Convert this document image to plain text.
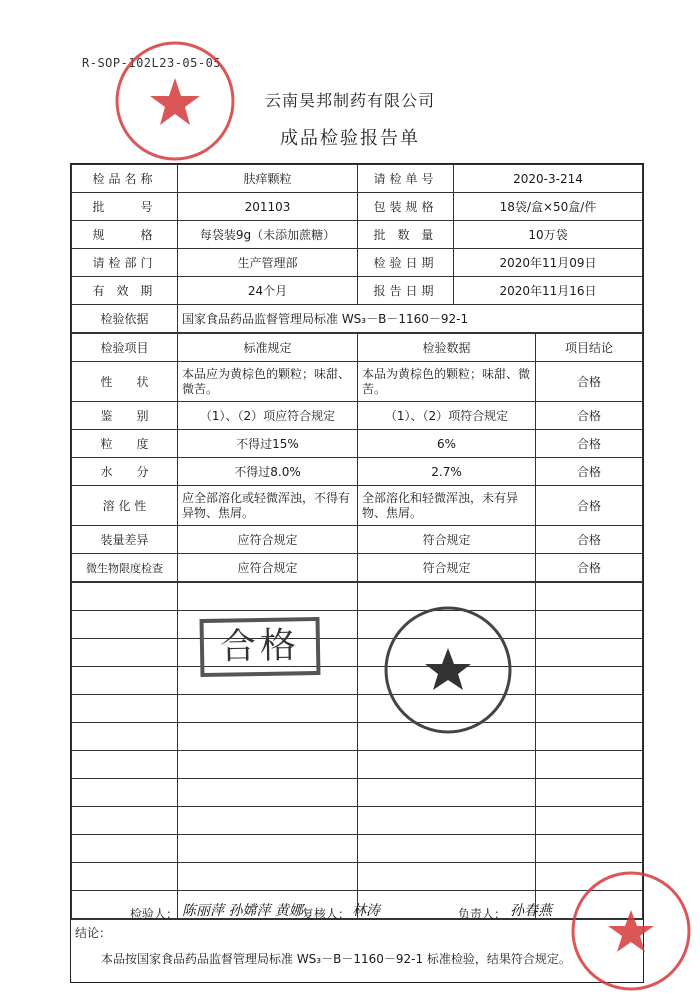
R-SOP-102L23-05-05
云南昊邦制药有限公司
成品检验报告单
检品名称	肤痒颗粒	请检单号	2020-3-214
批　　号	201103	包装规格	18袋/盒×50盒/件
规　　格	每袋装9g（未添加蔗糖）	批 数 量	10万袋
请检部门	生产管理部	检验日期	2020年11月09日
有 效 期	24个月	报告日期	2020年11月16日
检验依据	国家食品药品监督管理局标准 WS₃－B－1160－92-1		
检验项目	标准规定	检验数据	项目结论
性　　状	本品应为黄棕色的颗粒；味甜、微苦。	本品为黄棕色的颗粒；味甜、微苦。	合格
鉴　　别	（1）、（2）项应符合规定	（1）、（2）项符合规定	合格
粒　　度	不得过15%	6%	合格
水　　分	不得过8.0%	2.7%	合格
溶 化 性	应全部溶化或轻微浑浊，不得有异物、焦屑。	全部溶化和轻微浑浊，未有异物、焦屑。	合格
装量差异	应符合规定	符合规定	合格
微生物限度检查	应符合规定	符合规定	合格

结论：
本品按国家食品药品监督管理局标准 WS₃－B－1160－92-1 标准检验，结果符合规定。
合格
检验人： 陈丽萍 孙嫦萍 黄娜 复核人： 林涛	负责人： 孙春燕
